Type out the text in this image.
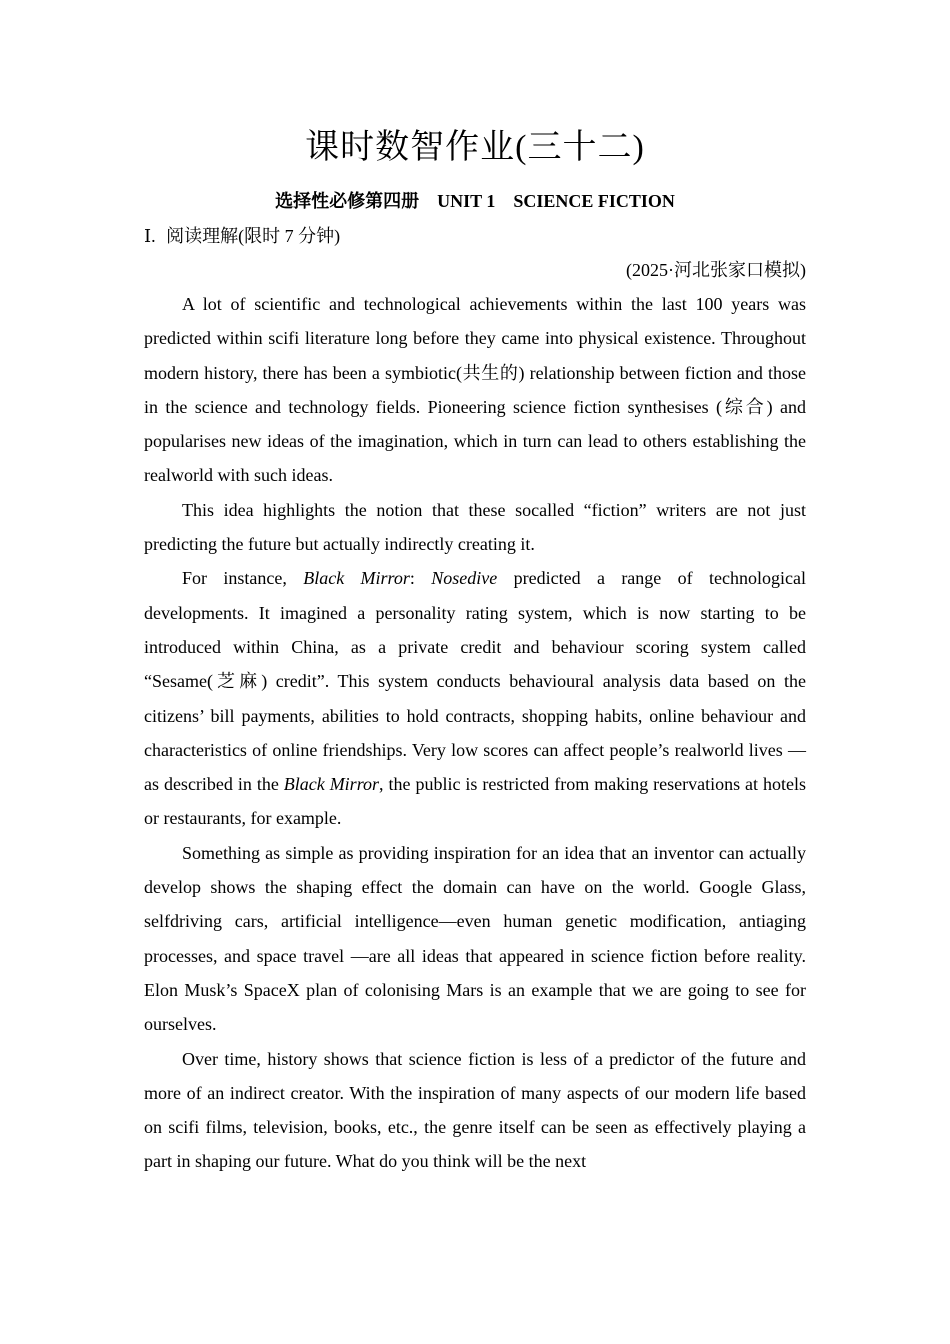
课时数智作业(三十二)
选择性必修第四册    UNIT 1    SCIENCE FICTION
Ⅰ. 阅读理解(限时 7 分钟)
(2025·河北张家口模拟)

A lot of scientific and technological achievements within the last 100 years was predicted within scifi literature long before they came into physical existence. Throughout modern history, there has been a symbiotic(共生的) relationship between fiction and those in the science and technology fields. Pioneering science fiction synthesises (综合) and popularises new ideas of the imagination, which in turn can lead to others establishing the realworld with such ideas.

This idea highlights the notion that these socalled “fiction” writers are not just predicting the future but actually indirectly creating it.

For instance, Black Mirror: Nosedive predicted a range of technological developments. It imagined a personality rating system, which is now starting to be introduced within China, as a private credit and behaviour scoring system called “Sesame(芝麻) credit”. This system conducts behavioural analysis data based on the citizens’ bill payments, abilities to hold contracts, shopping habits, online behaviour and characteristics of online friendships. Very low scores can affect people’s realworld lives — as described in the Black Mirror, the public is restricted from making reservations at hotels or restaurants, for example.

Something as simple as providing inspiration for an idea that an inventor can actually develop shows the shaping effect the domain can have on the world. Google Glass, selfdriving cars, artificial intelligence—even human genetic modification, antiaging processes, and space travel —are all ideas that appeared in science fiction before reality. Elon Musk’s SpaceX plan of colonising Mars is an example that we are going to see for ourselves.

Over time, history shows that science fiction is less of a predictor of the future and more of an indirect creator. With the inspiration of many aspects of our modern life based on scifi films, television, books, etc., the genre itself can be seen as effectively playing a part in shaping our future. What do you think will be the next
